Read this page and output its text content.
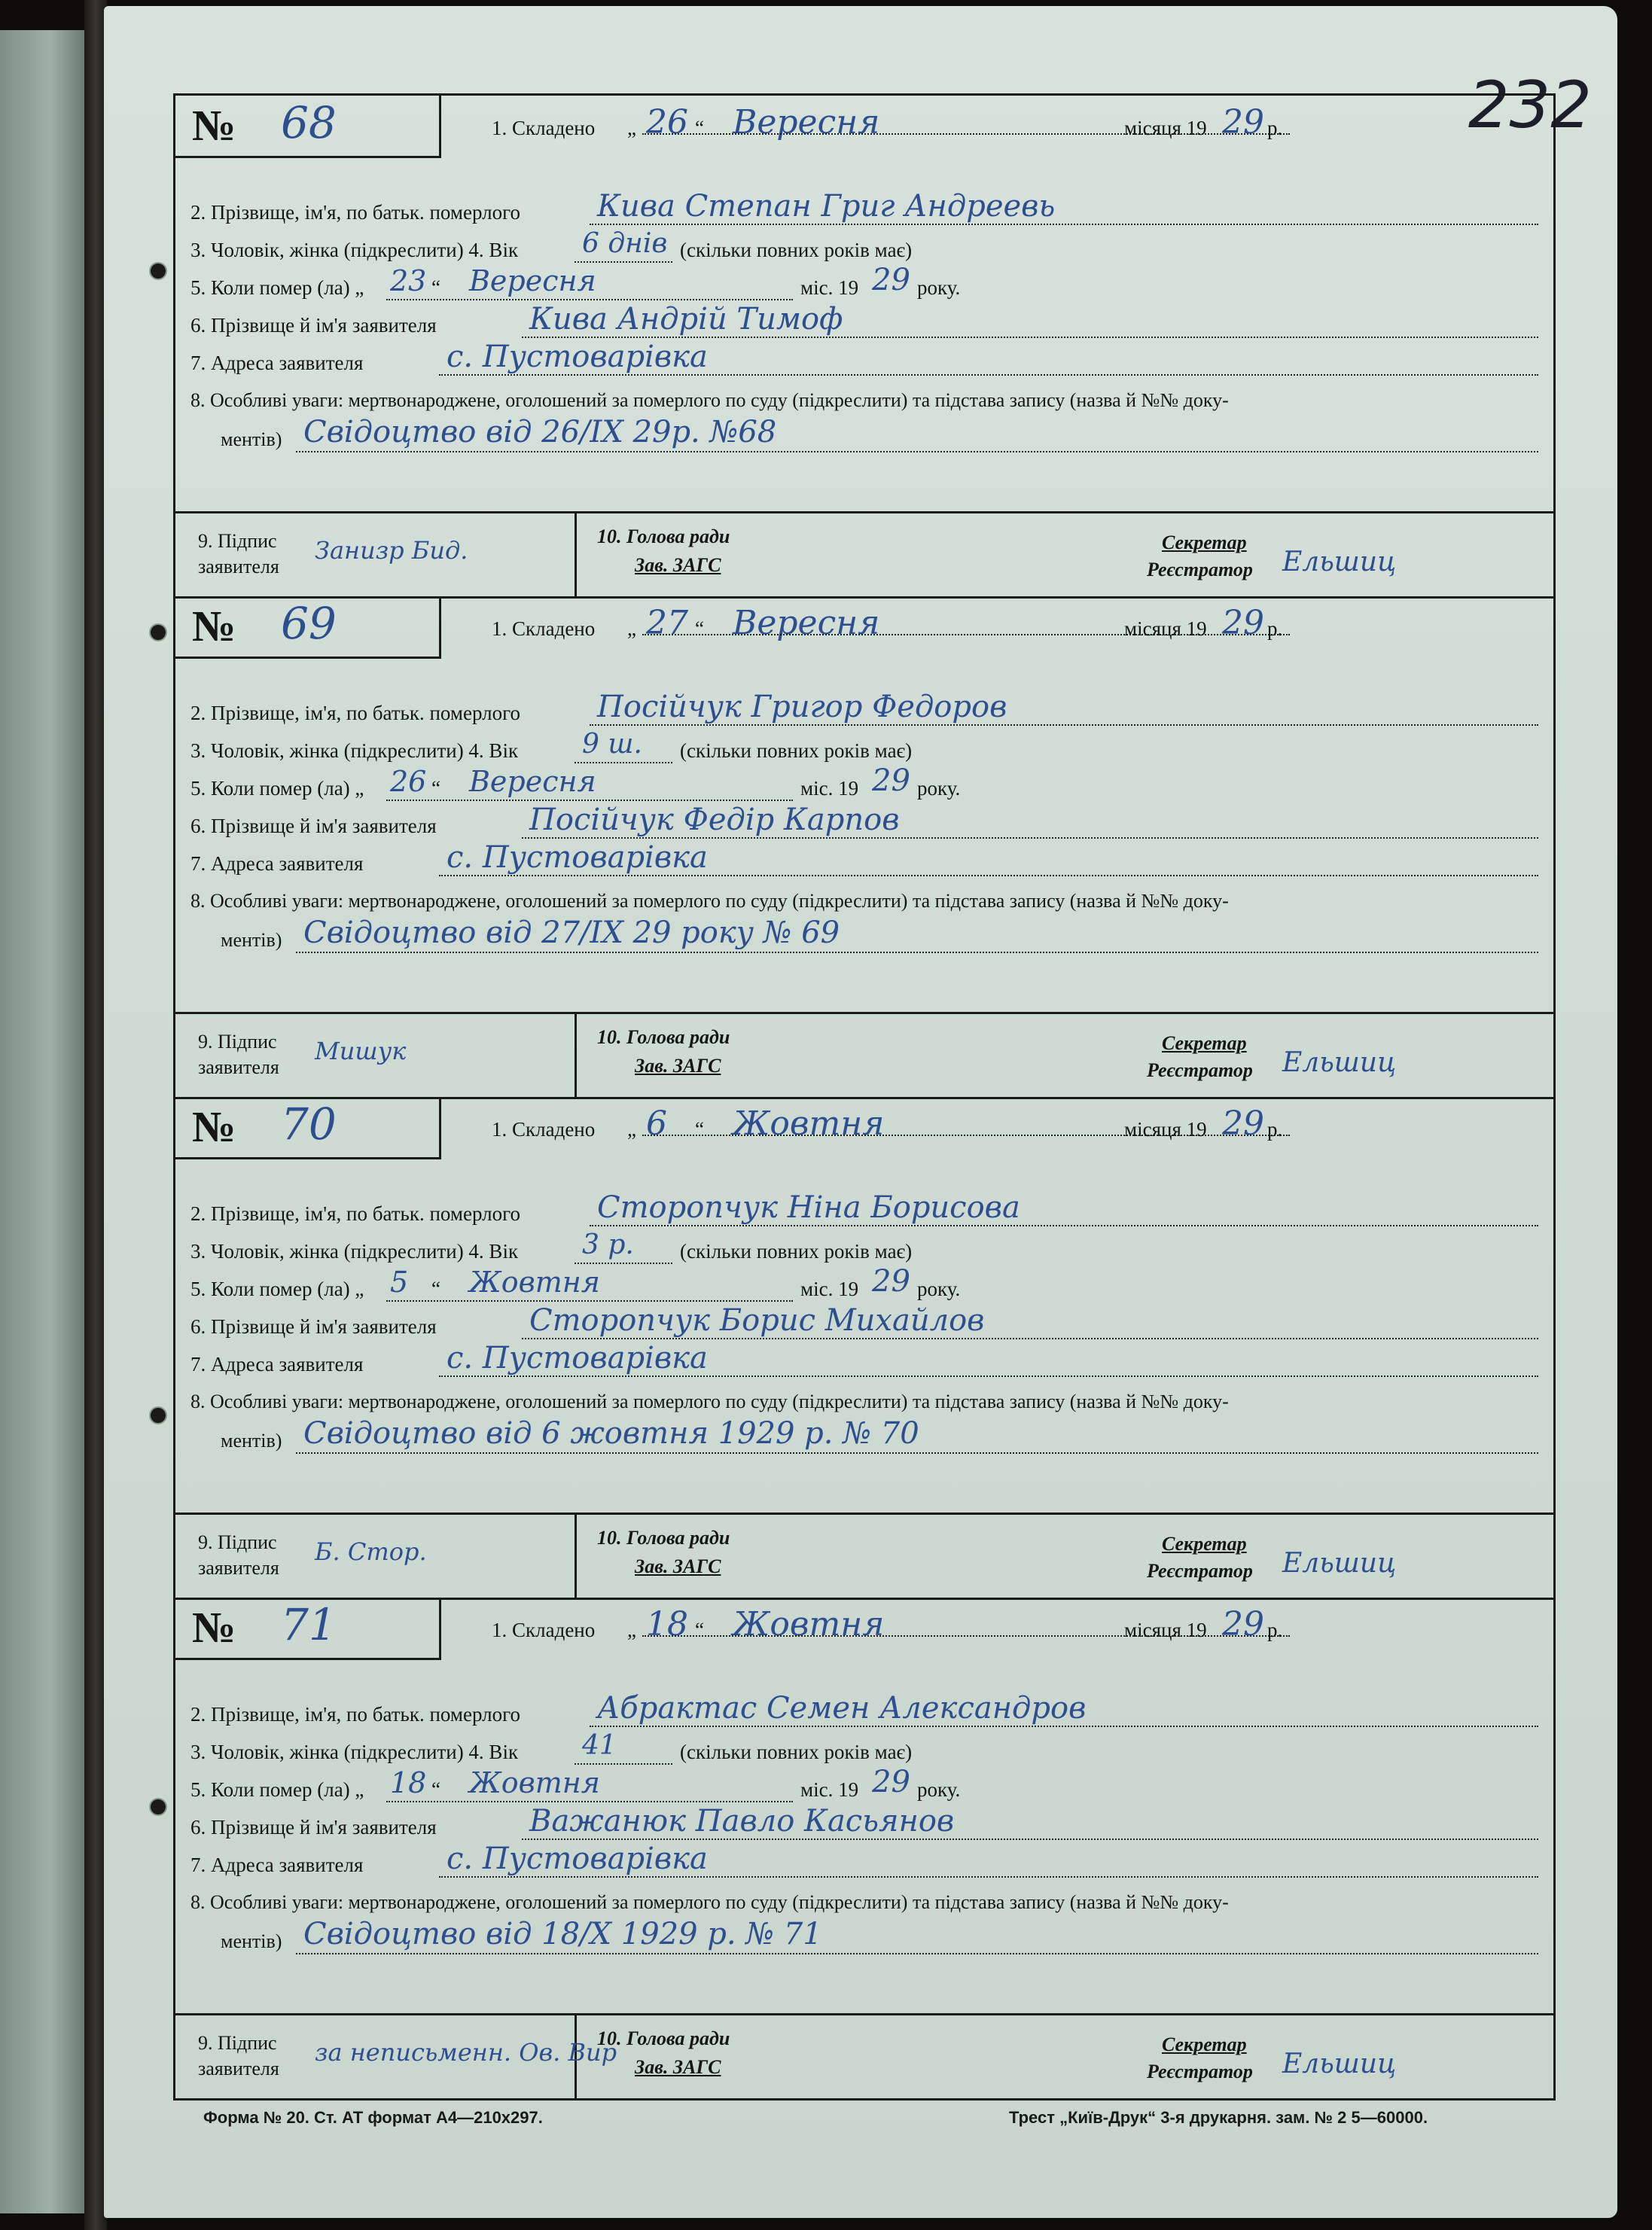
232
№ 68	1. Складено „ 26 “ Вересня	місяця 19 29 р.
2. Прізвище, ім'я, по батьк. померлого	Кива Степан Григ Андреевь
3. Чоловік, жінка (підкреслити) 4. Вік 6 днів (скільки повних років має)
5. Коли помер (ла) „ 23 “ Вересня	міс. 19 29 року.
6. Прізвище й ім'я заявителя	Кива Андрій Тимоф
7. Адреса заявителя	с. Пустоварівка
8. Особливі уваги: мертвонароджене, оголошений за померлого по суду (підкреслити) та підстава запису (назва й №№ доку-
ментів) Свідоцтво від 26/IX 29р. №68
9. Підпис
заявителя
Занизр Бид.	10. Голова ради
Зав. ЗАГС
Секретар
Реєстратор Ельшиц
№ 69	1. Складено „ 27 “ Вересня	місяця 19 29 р.
2. Прізвище, ім'я, по батьк. померлого	Посійчук Григор Федоров
3. Чоловік, жінка (підкреслити) 4. Вік 9 ш. (скільки повних років має)
5. Коли помер (ла) „ 26 “ Вересня	міс. 19 29 року.
6. Прізвище й ім'я заявителя	Посійчук Федір Карпов
7. Адреса заявителя	с. Пустоварівка
8. Особливі уваги: мертвонароджене, оголошений за померлого по суду (підкреслити) та підстава запису (назва й №№ доку-
ментів) Свідоцтво від 27/IX 29 року № 69
9. Підпис
заявителя
Мишук	10. Голова ради
Зав. ЗАГС
Секретар
Реєстратор Ельшиц
№ 70	1. Складено „ 6 “ Жовтня	місяця 19 29 р.
2. Прізвище, ім'я, по батьк. померлого	Сторопчук Ніна Борисова
3. Чоловік, жінка (підкреслити) 4. Вік 3 р. (скільки повних років має)
5. Коли помер (ла) „ 5 “ Жовтня	міс. 19 29 року.
6. Прізвище й ім'я заявителя	Сторопчук Борис Михайлов
7. Адреса заявителя	с. Пустоварівка
8. Особливі уваги: мертвонароджене, оголошений за померлого по суду (підкреслити) та підстава запису (назва й №№ доку-
ментів) Свідоцтво від 6 жовтня 1929 р. № 70
9. Підпис
заявителя
Б. Стор.	10. Голова ради
Зав. ЗАГС
Секретар
Реєстратор Ельшиц
№ 71	1. Складено „ 18 “ Жовтня	місяця 19 29 р.
2. Прізвище, ім'я, по батьк. померлого	Абрактас Семен Александров
3. Чоловік, жінка (підкреслити) 4. Вік 41	(скільки повних років має)
5. Коли помер (ла) „ 18 “ Жовтня	міс. 19 29 року.
6. Прізвище й ім'я заявителя	Важанюк Павло Касьянов
7. Адреса заявителя	с. Пустоварівка
8. Особливі уваги: мертвонароджене, оголошений за померлого по суду (підкреслити) та підстава запису (назва й №№ доку-
ментів) Свідоцтво від 18/X 1929 р. № 71
9. Підпис
заявителя
за неписьменн. Ов. Вир
10. Голова ради
Зав. ЗАГС
Секретар
Реєстратор Ельшиц
Форма № 20. Ст. АТ формат А4—210х297.	Трест „Київ-Друк“ 3-я друкарня. зам. № 2 5—60000.
